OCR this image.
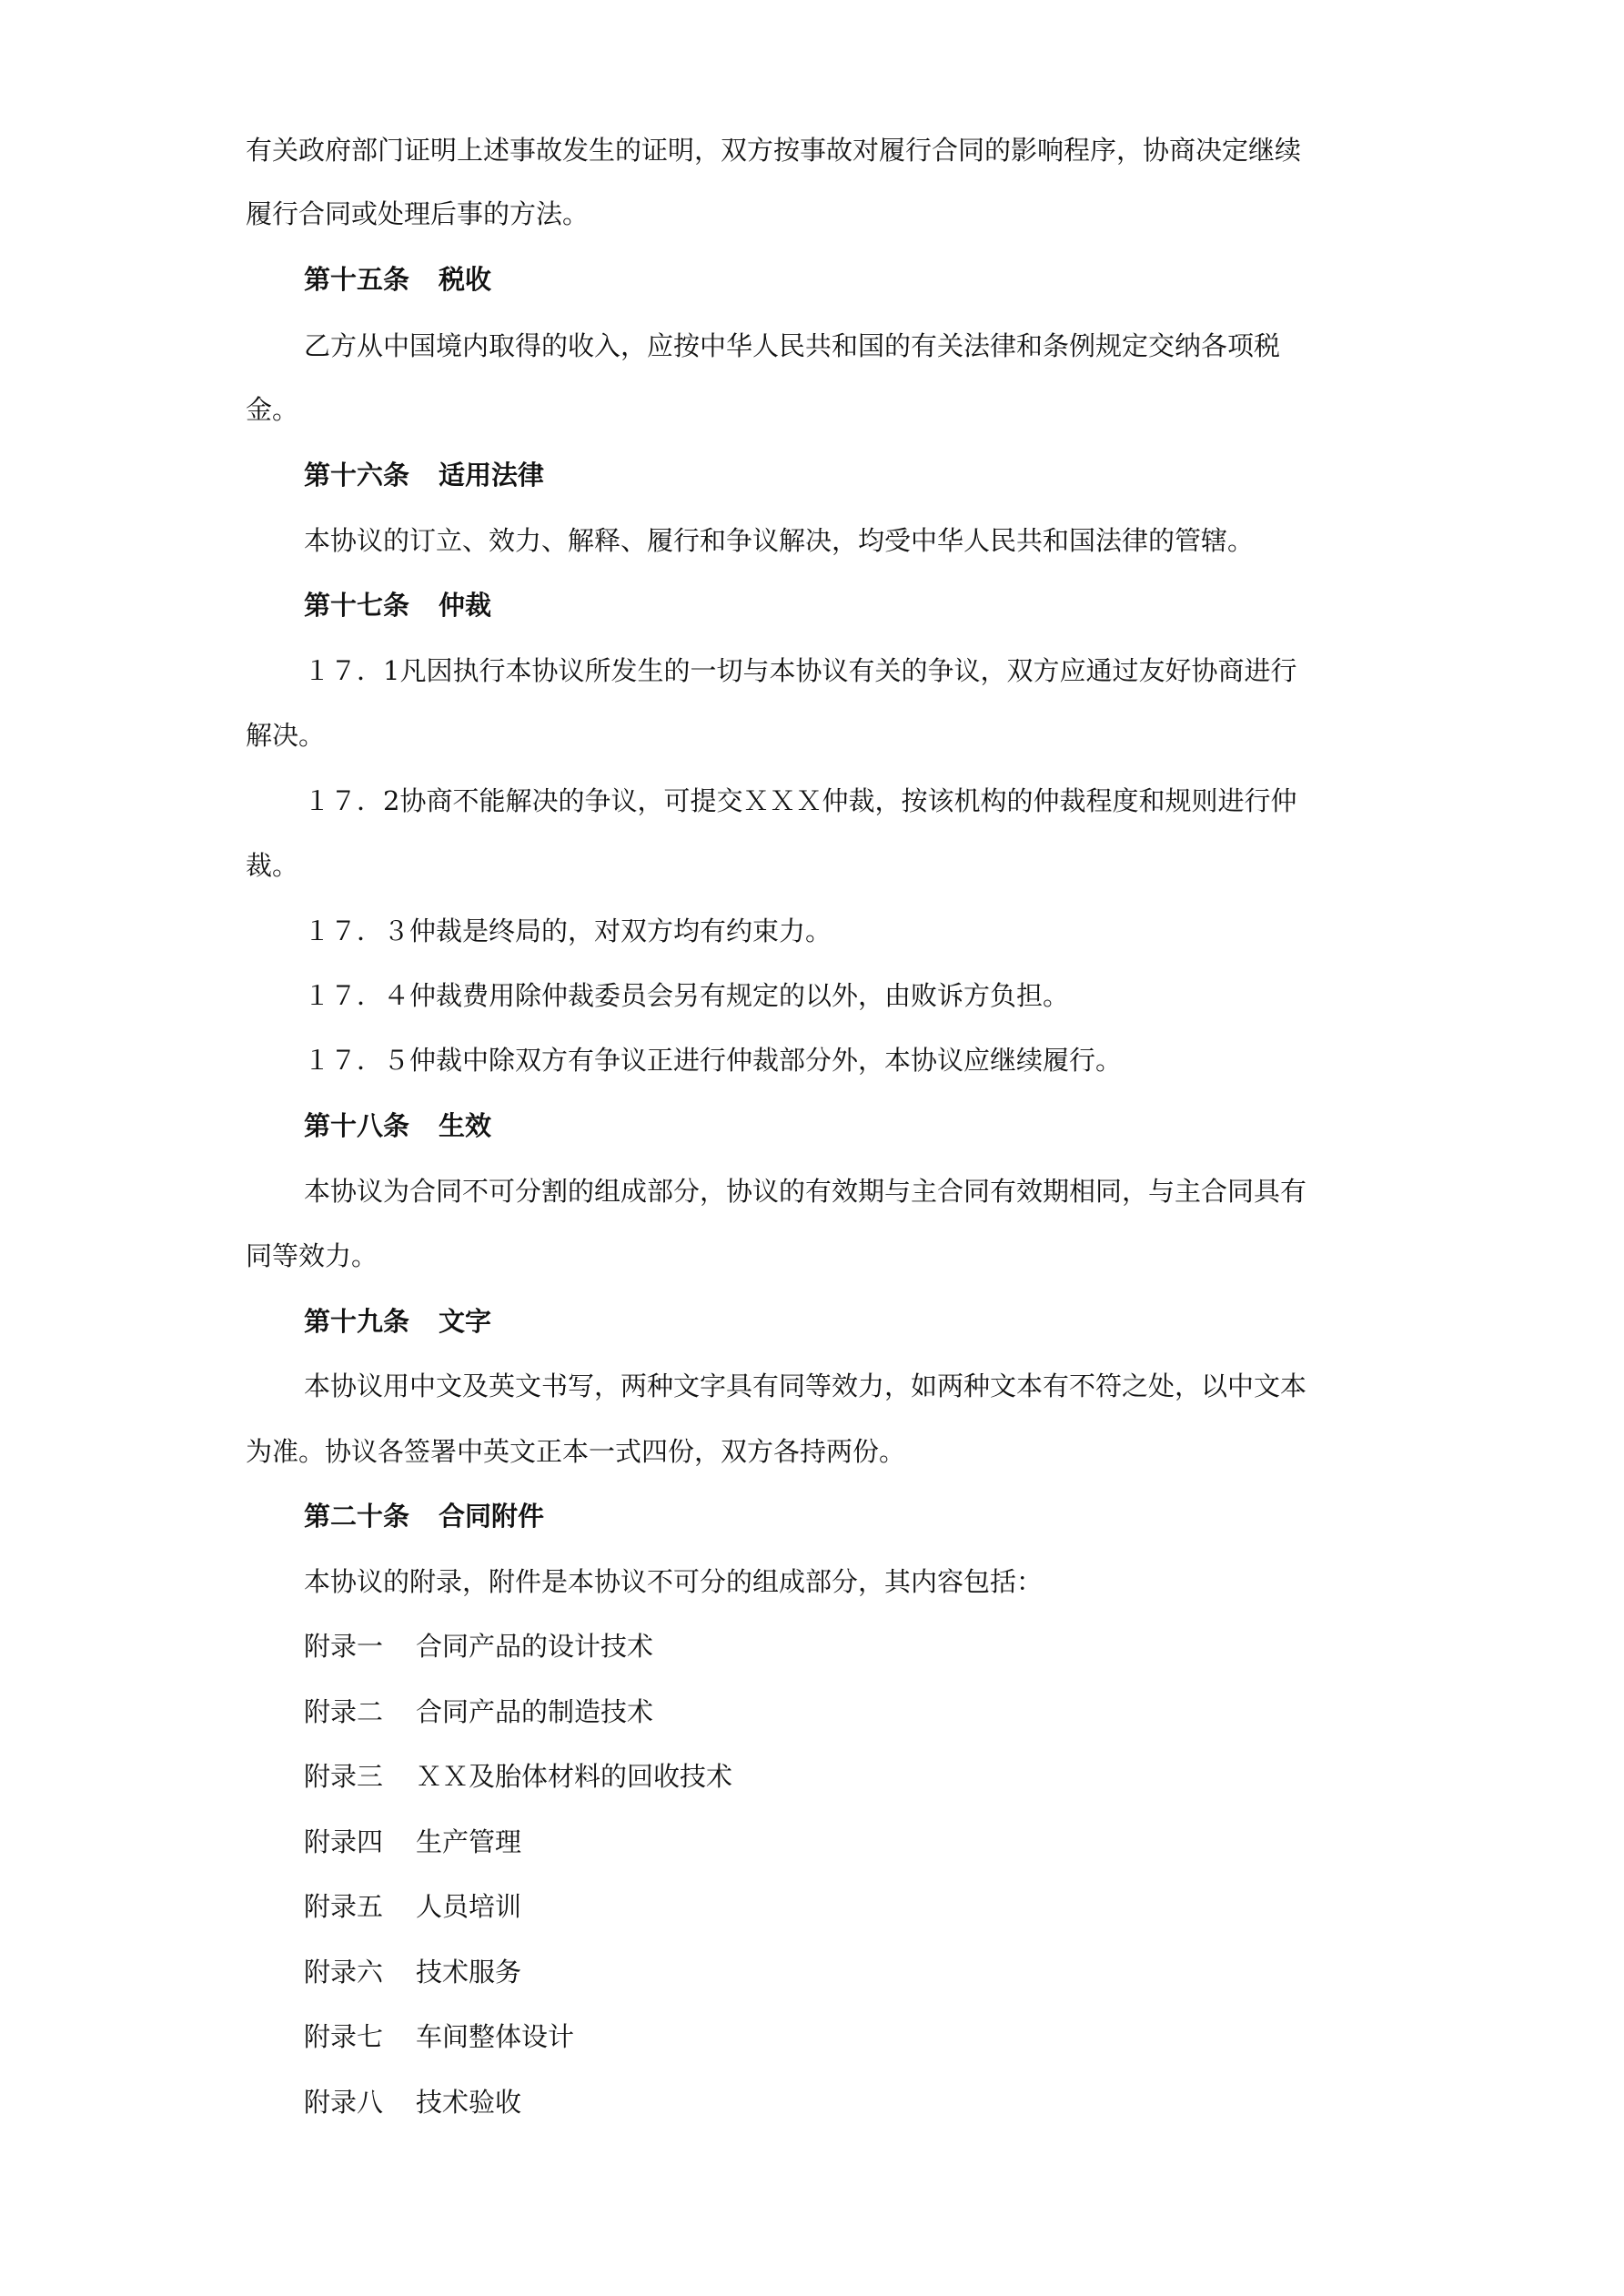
有关政府部门证明上述事故发生的证明，双方按事故对履行合同的影响程序，协商决定继续
履行合同或处理后事的方法。
第十五条 税收
乙方从中国境内取得的收入，应按中华人民共和国的有关法律和条例规定交纳各项税
金。
第十六条 适用法律
本协议的订立、效力、解释、履行和争议解决，均受中华人民共和国法律的管辖。
第十七条 仲裁
１７．1凡因执行本协议所发生的一切与本协议有关的争议，双方应通过友好协商进行
解决。
１７．2协商不能解决的争议，可提交ＸＸＸ仲裁，按该机构的仲裁程度和规则进行仲
裁。
１７．３仲裁是终局的，对双方均有约束力。
１７．４仲裁费用除仲裁委员会另有规定的以外，由败诉方负担。
１７．５仲裁中除双方有争议正进行仲裁部分外，本协议应继续履行。
第十八条 生效
本协议为合同不可分割的组成部分，协议的有效期与主合同有效期相同，与主合同具有
同等效力。
第十九条 文字
本协议用中文及英文书写，两种文字具有同等效力，如两种文本有不符之处，以中文本
为准。协议各签署中英文正本一式四份，双方各持两份。
第二十条 合同附件
本协议的附录，附件是本协议不可分的组成部分，其内容包括：
附录一 合同产品的设计技术
附录二 合同产品的制造技术
附录三 ＸＸ及胎体材料的回收技术
附录四 生产管理
附录五 人员培训
附录六 技术服务
附录七 车间整体设计
附录八 技术验收
